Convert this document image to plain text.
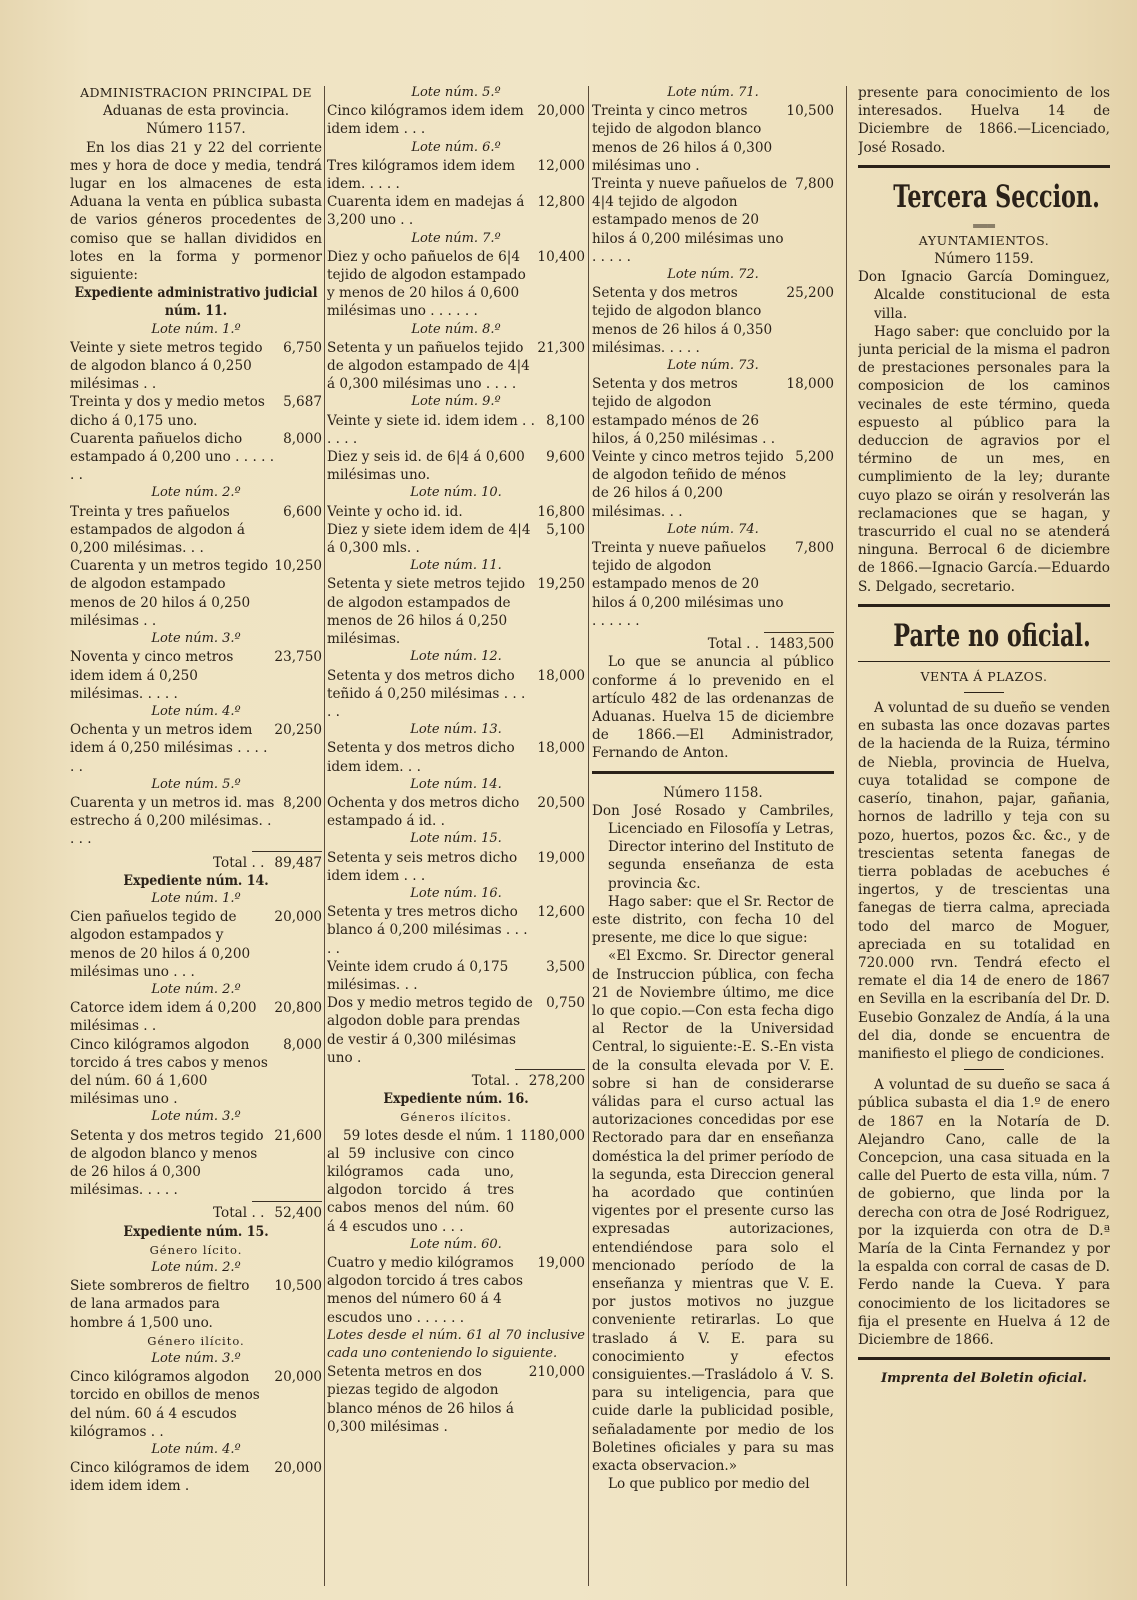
ADMINISTRACION PRINCIPAL DE

Aduanas de esta provincia.

Número 1157.

En los dias 21 y 22 del corriente mes y hora de doce y media, tendrá lugar en los almacenes de esta Aduana la venta en pública subasta de varios géneros procedentes de comiso que se hallan divididos en lotes en la forma y pormenor siguiente:

Expediente administrativo judicial núm. 11.

Lote núm. 1.º

Veinte y siete metros tegido de algodon blanco á 0,250 milésimas . .
6,750
Treinta y dos y medio metos dicho á 0,175 uno.
5,687
Cuarenta pañuelos dicho estampado á 0,200 uno . . . . . . .
8,000

Lote núm. 2.º

Treinta y tres pañuelos estampados de algodon á 0,200 milésimas. . .
6,600
Cuarenta y un metros tegido de algodon estampado menos de 20 hilos á 0,250 milésimas . .
10,250

Lote núm. 3.º

Noventa y cinco metros idem idem á 0,250 milésimas. . . . .
23,750

Lote núm. 4.º

Ochenta y un metros idem idem á 0,250 milésimas . . . . . .
20,250

Lote núm. 5.º

Cuarenta y un metros id. mas estrecho á 0,200 milésimas. . . . .
8,200
Total . . 89,487

Expediente núm. 14.

Lote núm. 1.º

Cien pañuelos tegido de algodon estampados y menos de 20 hilos á 0,200 milésimas uno . . .
20,000

Lote núm. 2.º

Catorce idem idem á 0,200 milésimas . .
20,800
Cinco kilógramos algodon torcido á tres cabos y menos del núm. 60 á 1,600 milésimas uno .
8,000

Lote núm. 3.º

Setenta y dos metros tegido de algodon blanco y menos de 26 hilos á 0,300 milésimas. . . . .
21,600
Total . . 52,400

Expediente núm. 15.

Género lícito.

Lote núm. 2.º

Siete sombreros de fieltro de lana armados para hombre á 1,500 uno.
10,500

Género ilícito.

Lote núm. 3.º

Cinco kilógramos algodon torcido en obillos de menos del núm. 60 á 4 escudos kilógramos . .
20,000

Lote núm. 4.º

Cinco kilógramos de idem idem idem idem .
20,000

Lote núm. 5.º

Cinco kilógramos idem idem idem idem . . .
20,000

Lote núm. 6.º

Tres kilógramos idem idem idem. . . . .
12,000
Cuarenta idem en madejas á 3,200 uno . .
12,800

Lote núm. 7.º

Diez y ocho pañuelos de 6|4 tejido de algodon estampado y menos de 20 hilos á 0,600 milésimas uno . . . . . .
10,400

Lote núm. 8.º

Setenta y un pañuelos tejido de algodon estampado de 4|4 á 0,300 milésimas uno . . . .
21,300

Lote núm. 9.º

Veinte y siete id. idem idem . . . . . .
8,100
Diez y seis id. de 6|4 á 0,600 milésimas uno.
9,600

Lote núm. 10.

Veinte y ocho id. id.	16,800
Diez y siete idem idem de 4|4 á 0,300 mls. .
5,100

Lote núm. 11.

Setenta y siete metros tejido de algodon estampados de menos de 26 hilos á 0,250 milésimas.
19,250

Lote núm. 12.

Setenta y dos metros dicho teñido á 0,250 milésimas . . . . .
18,000

Lote núm. 13.

Setenta y dos metros dicho idem idem. . .
18,000

Lote núm. 14.

Ochenta y dos metros dicho estampado á id. .
20,500

Lote núm. 15.

Setenta y seis metros dicho idem idem . . .
19,000

Lote núm. 16.

Setenta y tres metros dicho blanco á 0,200 milésimas . . . . .
12,600
Veinte idem crudo á 0,175 milésimas. . .
3,500
Dos y medio metros tegido de algodon doble para prendas de vestir á 0,300 milésimas uno .
0,750
Total. . 278,200

Expediente núm. 16.

Géneros ilícitos.

59 lotes desde el núm. 1 al 59 inclusive con cinco kilógramos cada uno, algodon torcido á tres cabos menos del núm. 60 á 4 escudos uno . . .
1180,000

Lote núm. 60.

Cuatro y medio kilógramos algodon torcido á tres cabos menos del número 60 á 4 escudos uno . . . . . .
19,000

Lotes desde el núm. 61 al 70 inclusive cada uno conteniendo lo siguiente.

Setenta metros en dos piezas tegido de algodon blanco ménos de 26 hilos á 0,300 milésimas .
210,000

Lote núm. 71.

Treinta y cinco metros tejido de algodon blanco menos de 26 hilos á 0,300 milésimas uno .
10,500
Treinta y nueve pañuelos de 4|4 tejido de algodon estampado menos de 20 hilos á 0,200 milésimas uno . . . . .
7,800

Lote núm. 72.

Setenta y dos metros tejido de algodon blanco menos de 26 hilos á 0,350 milésimas. . . . .
25,200

Lote núm. 73.

Setenta y dos metros tejido de algodon estampado ménos de 26 hilos, á 0,250 milésimas . .
18,000
Veinte y cinco metros tejido de algodon teñido de ménos de 26 hilos á 0,200 milésimas. . .
5,200

Lote núm. 74.

Treinta y nueve pañuelos tejido de algodon estampado menos de 20 hilos á 0,200 milésimas uno . . . . . .
7,800
Total . . 1483,500

Lo que se anuncia al público conforme á lo prevenido en el artículo 482 de las ordenanzas de Aduanas. Huelva 15 de diciembre de 1866.—El Administrador, Fernando de Anton.

Número 1158.

Don José Rosado y Cambriles, Licenciado en Filosofía y Letras, Director interino del Instituto de segunda enseñanza de esta provincia &c.

Hago saber: que el Sr. Rector de este distrito, con fecha 10 del presente, me dice lo que sigue:

«El Excmo. Sr. Director general de Instruccion pública, con fecha 21 de Noviembre último, me dice lo que copio.—Con esta fecha digo al Rector de la Universidad Central, lo siguiente:-E. S.-En vista de la consulta elevada por V. E. sobre si han de considerarse válidas para el curso actual las autorizaciones concedidas por ese Rectorado para dar en enseñanza doméstica la del primer período de la segunda, esta Direccion general ha acordado que continúen vigentes por el presente curso las expresadas autorizaciones, entendiéndose para solo el mencionado período de la enseñanza y mientras que V. E. por justos motivos no juzgue conveniente retirarlas. Lo que traslado á V. E. para su conocimiento y efectos consiguientes.—Trasládolo á V. S. para su inteligencia, para que cuide darle la publicidad posible, señaladamente por medio de los Boletines oficiales y para su mas exacta observacion.»

Lo que publico por medio del

presente para conocimiento de los interesados. Huelva 14 de Diciembre de 1866.—Licenciado, José Rosado.

Tercera Seccion.

═══

AYUNTAMIENTOS.

Número 1159.

Don Ignacio García Dominguez, Alcalde constitucional de esta villa.

Hago saber: que concluido por la junta pericial de la misma el padron de prestaciones personales para la composicion de los caminos vecinales de este término, queda espuesto al público para la deduccion de agravios por el término de un mes, en cumplimiento de la ley; durante cuyo plazo se oirán y resolverán las reclamaciones que se hagan, y trascurrido el cual no se atenderá ninguna. Berrocal 6 de diciembre de 1866.—Ignacio García.—Eduardo S. Delgado, secretario.

Parte no oficial.

VENTA Á PLAZOS.

A voluntad de su dueño se venden en subasta las once dozavas partes de la hacienda de la Ruiza, término de Niebla, provincia de Huelva, cuya totalidad se compone de caserío, tinahon, pajar, gañania, hornos de ladrillo y teja con su pozo, huertos, pozos &c. &c., y de trescientas setenta fanegas de tierra pobladas de acebuches é ingertos, y de trescientas una fanegas de tierra calma, apreciada todo del marco de Moguer, apreciada en su totalidad en 720.000 rvn. Tendrá efecto el remate el dia 14 de enero de 1867 en Sevilla en la escribanía del Dr. D. Eusebio Gonzalez de Andía, á la una del dia, donde se encuentra de manifiesto el pliego de condiciones.

A voluntad de su dueño se saca á pública subasta el dia 1.º de enero de 1867 en la Notaría de D. Alejandro Cano, calle de la Concepcion, una casa situada en la calle del Puerto de esta villa, núm. 7 de gobierno, que linda por la derecha con otra de José Rodriguez, por la izquierda con otra de D.ª María de la Cinta Fernandez y por la espalda con corral de casas de D. Ferdo nande la Cueva. Y para conocimiento de los licitadores se fija el presente en Huelva á 12 de Diciembre de 1866.

Imprenta del Boletin oficial.
